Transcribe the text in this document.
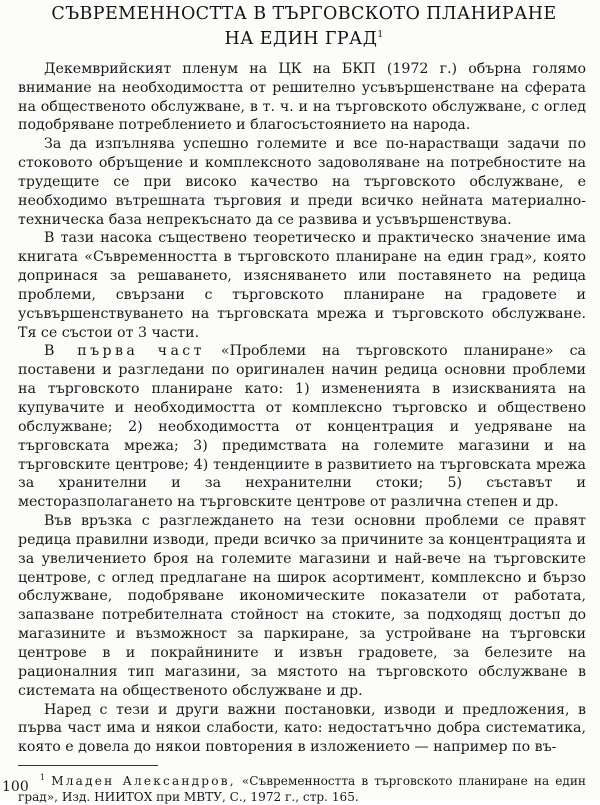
СЪВРЕМЕННОСТТА В ТЪРГОВСКОТО ПЛАНИРАНЕ
НА ЕДИН ГРАД$^1$

Декемврийският пленум на ЦК на БКП (1972 г.) обърна голямо внимание на необходимостта от решително усъвършенстване на сферата на общественото обслужване, в т. ч. и на търговското обслужване, с оглед подобряване потреблението и благосъстоянието на народа.

За да изпълнява успешно големите и все по-нарастващи задачи по стоковото обръщение и комплексното задоволяване на потребностите на трудещите се при високо качество на търговското обслужване, е необходимо вътрешната търговия и преди всичко нейната материално-техническа база непрекъснато да се развива и усъвършенствува.

В тази насока съществено теоретическо и практическо значение има книгата «Съвременността в търговското планиране на един град», която допринася за решаването, изясняването или поставянето на редица проблеми, свързани с търговското планиране на градовете и усъвършенствуването на търговската мрежа и търговското обслужване. Тя се състои от 3 части.

В първа част «Проблеми на търговското планиране» са поставени и разгледани по оригинален начин редица основни проблеми на търговското планиране като: 1) измененията в изискванията на купувачите и необходимостта от комплексно търговско и обществено обслужване; 2) необходимостта от концентрация и уедряване на търговската мрежа; 3) предимствата на големите магазини и на търговските центрове; 4) тенденциите в развитието на търговската мрежа за хранителни и за нехранителни стоки; 5) съставът и месторазполагането на търговските центрове от различна степен и др.

Във връзка с разглеждането на тези основни проблеми се правят редица правилни изводи, преди всичко за причините за концентрацията и за увеличението броя на големите магазини и най-вече на търговските центрове, с оглед предлагане на широк асортимент, комплексно и бързо обслужване, подобряване икономическите показатели от работата, запазване потребителната стойност на стоките, за подходящ достъп до магазините и възможност за паркиране, за устройване на търговски центрове в и покрайнините и извън градовете, за белезите на рационалния тип магазини, за мястото на търговското обслужване в системата на общественото обслужване и др.

Наред с тези и други важни постановки, изводи и предложения, в първа част има и някои слабости, като: недостатъчно добра систематика, която е довела до някои повторения в изложението — например по въ-

$^1$ Младен Александров, «Съвременността в търговското планиране на един град», Изд. НИИТОХ при МВТУ, С., 1972 г., стр. 165.

100
